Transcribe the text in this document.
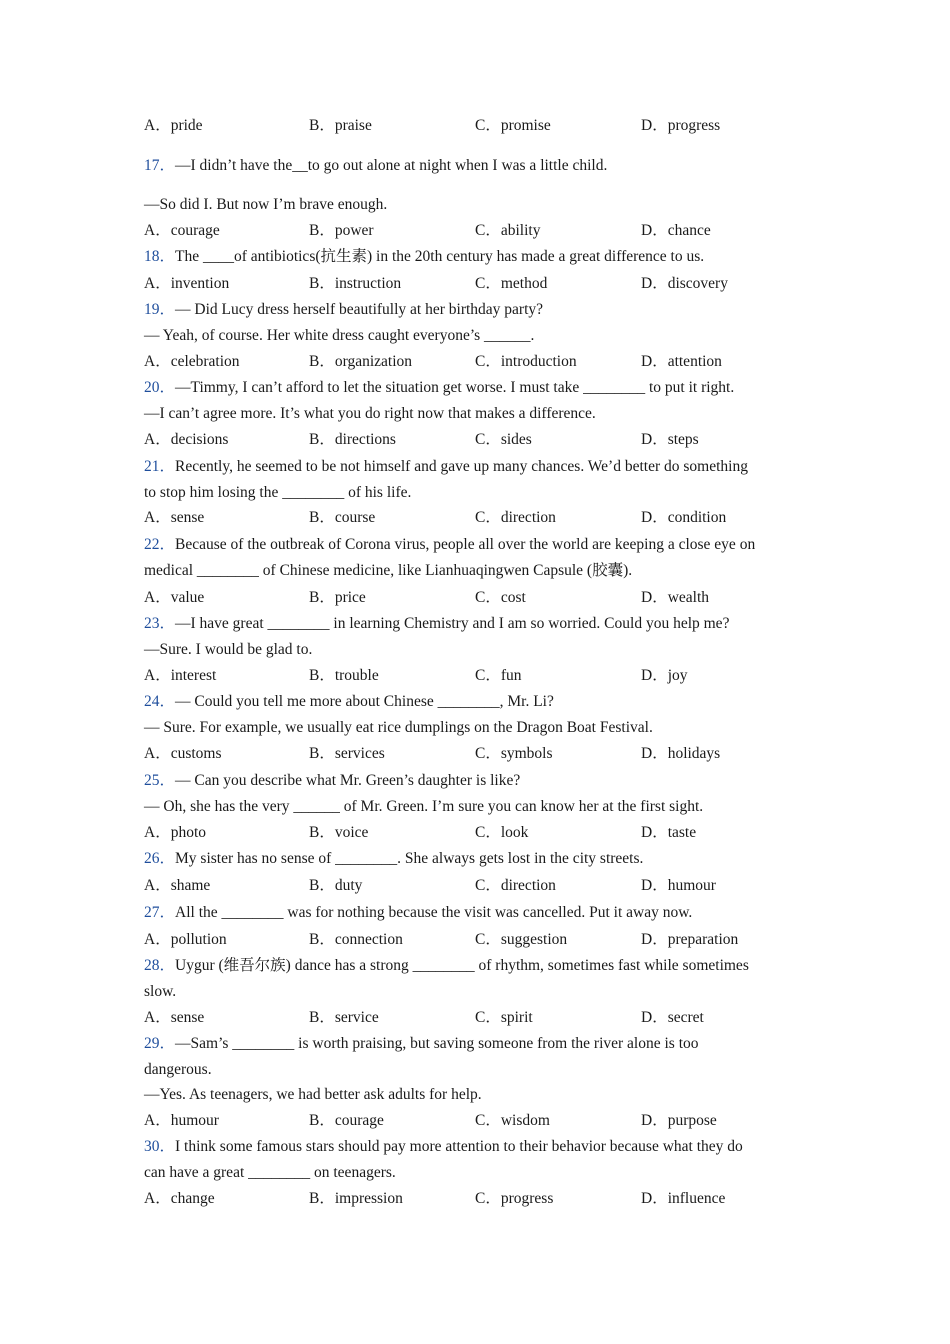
A．pride	B．praise	C．promise	D．progress
17．—I didn’t have the__to go out alone at night when I was a little child.
—So did I. But now I’m brave enough.
A．courage	B．power	C．ability	D．chance
18．The ____of antibiotics(抗生素) in the 20th century has made a great difference to us.
A．invention	B．instruction	C．method	D．discovery
19．— Did Lucy dress herself beautifully at her birthday party?
— Yeah, of course. Her white dress caught everyone’s ______.
A．celebration	B．organization	C．introduction	D．attention
20．—Timmy, I can’t afford to let the situation get worse. I must take ________ to put it right.
—I can’t agree more. It’s what you do right now that makes a difference.
A．decisions	B．directions	C．sides	D．steps
21．Recently, he seemed to be not himself and gave up many chances. We’d better do something
to stop him losing the ________ of his life.
A．sense	B．course	C．direction	D．condition
22．Because of the outbreak of Corona virus, people all over the world are keeping a close eye on
medical ________ of Chinese medicine, like Lianhuaqingwen Capsule (胶囊).
A．value	B．price	C．cost	D．wealth
23．—I have great ________ in learning Chemistry and I am so worried. Could you help me?
—Sure. I would be glad to.
A．interest	B．trouble	C．fun	D．joy
24．— Could you tell me more about Chinese ________, Mr. Li?
— Sure. For example, we usually eat rice dumplings on the Dragon Boat Festival.
A．customs	B．services	C．symbols	D．holidays
25．— Can you describe what Mr. Green’s daughter is like?
— Oh, she has the very ______ of Mr. Green. I’m sure you can know her at the first sight.
A．photo	B．voice	C．look	D．taste
26．My sister has no sense of ________. She always gets lost in the city streets.
A．shame	B．duty	C．direction	D．humour
27．All the ________ was for nothing because the visit was cancelled. Put it away now.
A．pollution	B．connection	C．suggestion	D．preparation
28．Uygur (维吾尔族) dance has a strong ________ of rhythm, sometimes fast while sometimes
slow.
A．sense	B．service	C．spirit	D．secret
29．—Sam’s ________ is worth praising, but saving someone from the river alone is too
dangerous.
—Yes. As teenagers, we had better ask adults for help.
A．humour	B．courage	C．wisdom	D．purpose
30．I think some famous stars should pay more attention to their behavior because what they do
can have a great ________ on teenagers.
A．change	B．impression	C．progress	D．influence
